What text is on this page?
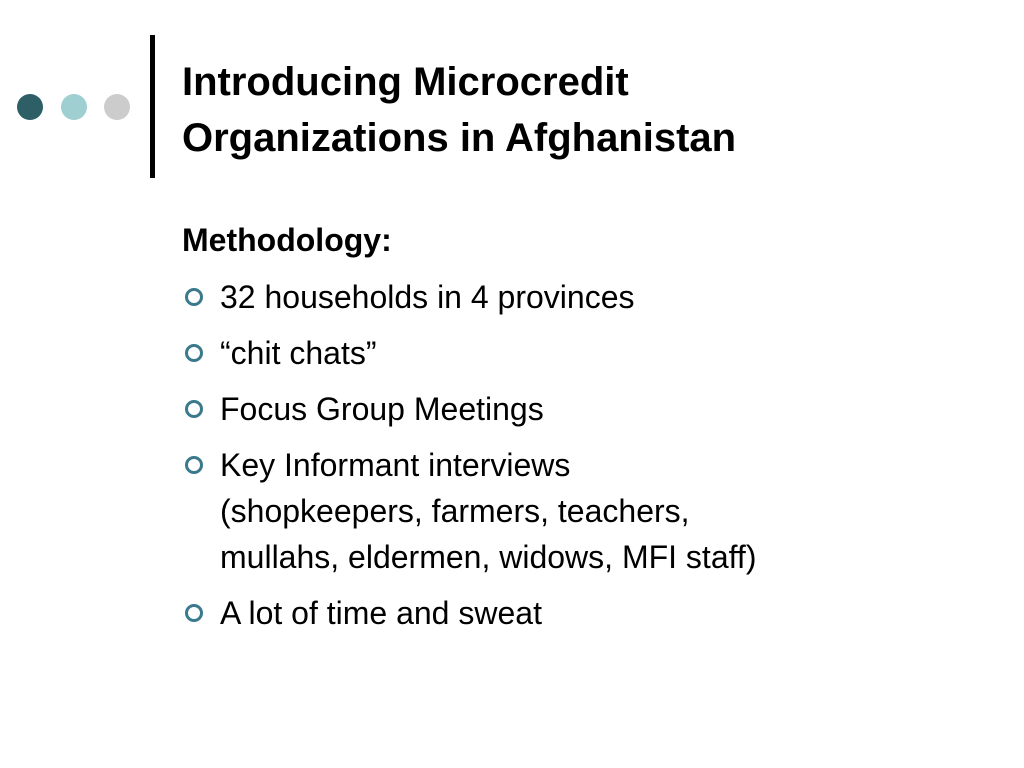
Introducing Microcredit
Organizations in Afghanistan
Methodology:
32 households in 4 provinces
“chit chats”
Focus Group Meetings
Key Informant interviews
(shopkeepers, farmers, teachers,
mullahs, eldermen, widows, MFI staff)
A lot of time and sweat
